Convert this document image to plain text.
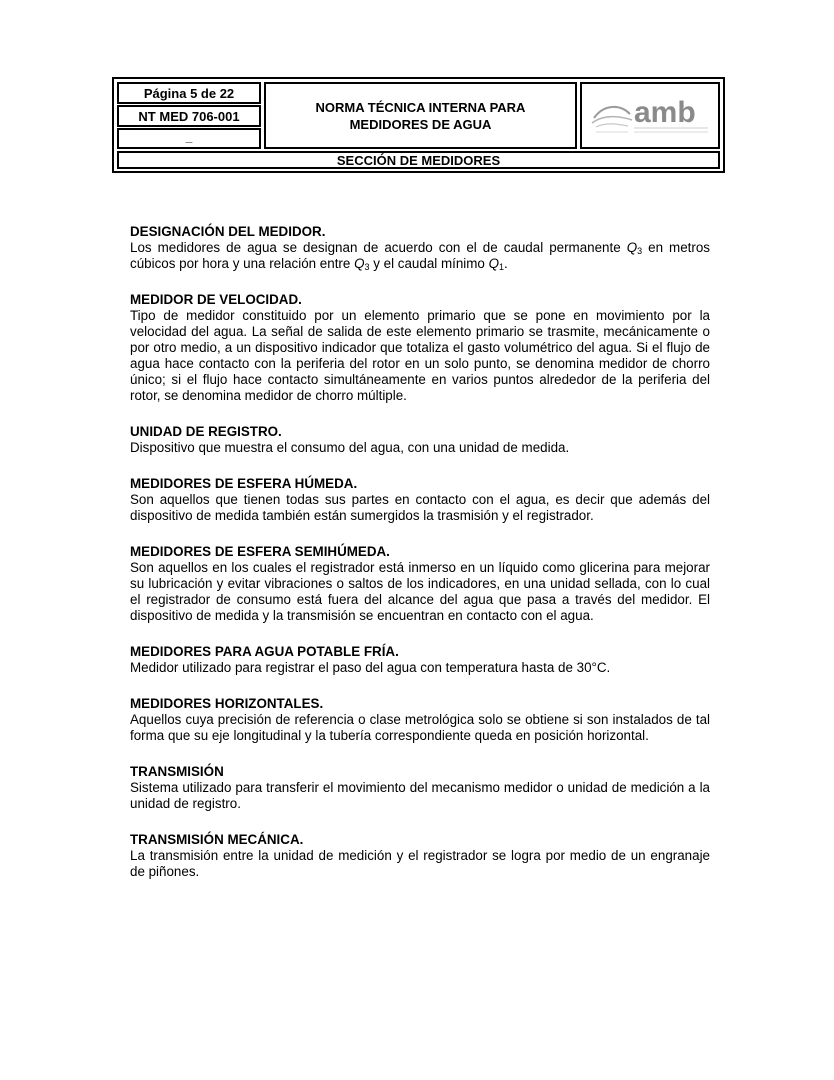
Página 5 de 22
NT MED 706-001
_
NORMA TÉCNICA INTERNA PARA
MEDIDORES DE AGUA	amb
SECCIÓN DE MEDIDORES
DESIGNACIÓN DEL MEDIDOR.

Los medidores de agua se designan de acuerdo con el de caudal permanente $Q_3$ en metros cúbicos por hora y una relación entre $Q_3$ y el caudal mínimo $Q_1$.

MEDIDOR DE VELOCIDAD.

Tipo de medidor constituido por un elemento primario que se pone en movimiento por la velocidad del agua. La señal de salida de este elemento primario se trasmite, mecánicamente o por otro medio, a un dispositivo indicador que totaliza el gasto volumétrico del agua. Si el flujo de agua hace contacto con la periferia del rotor en un solo punto, se denomina medidor de chorro único; si el flujo hace contacto simultáneamente en varios puntos alrededor de la periferia del rotor, se denomina medidor de chorro múltiple.

UNIDAD DE REGISTRO.

Dispositivo que muestra el consumo del agua, con una unidad de medida.

MEDIDORES DE ESFERA HÚMEDA.

Son aquellos que tienen todas sus partes en contacto con el agua, es decir que además del dispositivo de medida también están sumergidos la trasmisión y el registrador.

MEDIDORES DE ESFERA SEMIHÚMEDA.

Son aquellos en los cuales el registrador está inmerso en un líquido como glicerina para mejorar su lubricación y evitar vibraciones o saltos de los indicadores, en una unidad sellada, con lo cual el registrador de consumo está fuera del alcance del agua que pasa a través del medidor. El dispositivo de medida y la transmisión se encuentran en contacto con el agua.

MEDIDORES PARA AGUA POTABLE FRÍA.

Medidor utilizado para registrar el paso del agua con temperatura hasta de 30°C.

MEDIDORES HORIZONTALES.

Aquellos cuya precisión de referencia o clase metrológica solo se obtiene si son instalados de tal forma que su eje longitudinal y la tubería correspondiente queda en posición horizontal.

TRANSMISIÓN

Sistema utilizado para transferir el movimiento del mecanismo medidor o unidad de medición a la unidad de registro.

TRANSMISIÓN MECÁNICA.

La transmisión entre la unidad de medición y el registrador se logra por medio de un engranaje de piñones.
